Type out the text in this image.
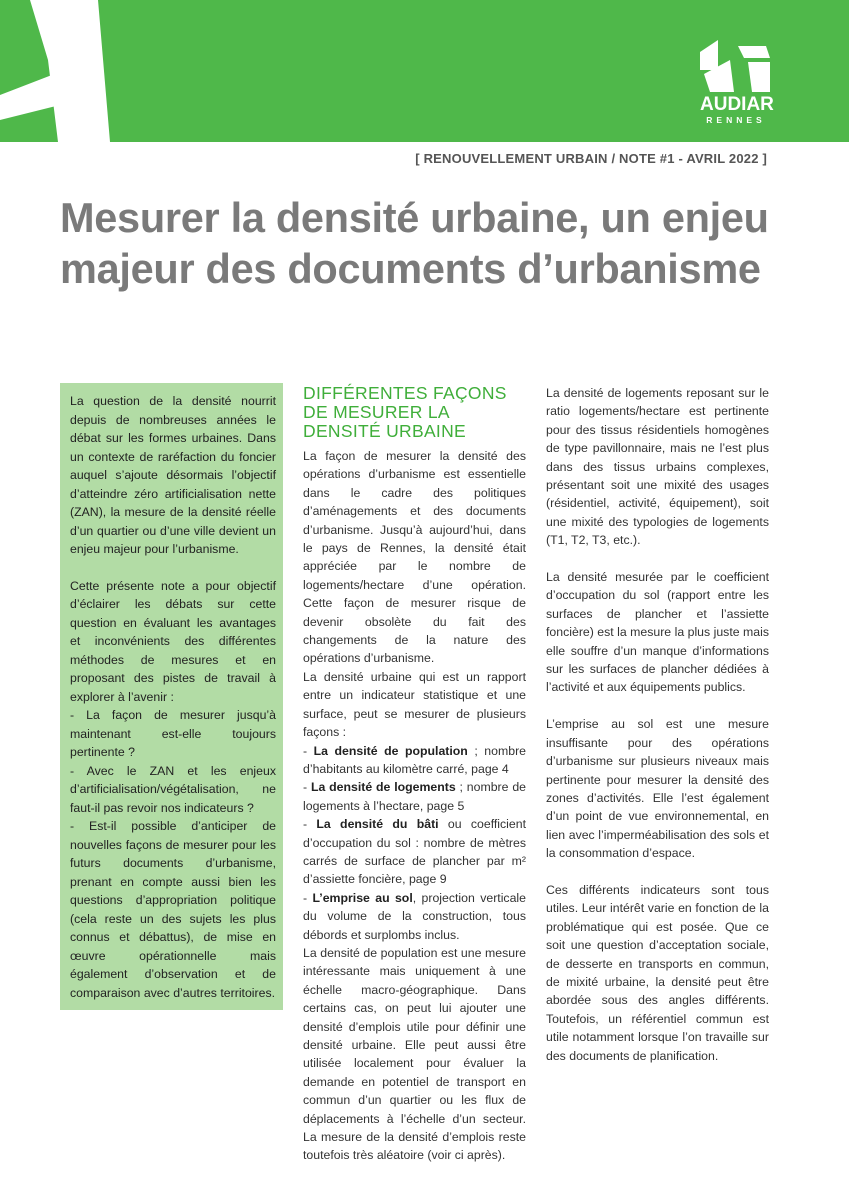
AUDIAR
RENNES
[ RENOUVELLEMENT URBAIN / NOTE #1 - AVRIL 2022 ]
Mesurer la densité urbaine, un enjeu majeur des documents d’urbanisme

La question de la densité nourrit depuis de nombreuses années le débat sur les formes urbaines. Dans un contexte de raréfaction du foncier auquel s’ajoute désormais l’objectif d’atteindre zéro artificialisation nette (ZAN), la mesure de la densité réelle d’un quartier ou d’une ville devient un enjeu majeur pour l’urbanisme.

Cette présente note a pour objectif d’éclairer les débats sur cette question en évaluant les avantages et inconvénients des différentes méthodes de mesures et en proposant des pistes de travail à explorer à l’avenir :

- La façon de mesurer jusqu’à maintenant est-elle toujours pertinente ?

- Avec le ZAN et les enjeux d’artificialisation/végétalisation, ne faut-il pas revoir nos indicateurs ?

- Est-il possible d’anticiper de nouvelles façons de mesurer pour les futurs documents d’urbanisme, prenant en compte aussi bien les questions d’appropriation politique (cela reste un des sujets les plus connus et débattus), de mise en œuvre opérationnelle mais également d’observation et de comparaison avec d’autres territoires.

DIFFÉRENTES FAÇONS DE MESURER LA DENSITÉ URBAINE

La façon de mesurer la densité des opérations d’urbanisme est essentielle dans le cadre des politiques d’aménagements et des documents d’urbanisme. Jusqu’à aujourd’hui, dans le pays de Rennes, la densité était appréciée par le nombre de logements/hectare d’une opération. Cette façon de mesurer risque de devenir obsolète du fait des changements de la nature des opérations d’urbanisme.

La densité urbaine qui est un rapport entre un indicateur statistique et une surface, peut se mesurer de plusieurs façons :

- La densité de population ; nombre d’habitants au kilomètre carré, page 4

- La densité de logements ; nombre de logements à l’hectare, page 5

- La densité du bâti ou coefficient d’occupation du sol : nombre de mètres carrés de surface de plancher par m² d’assiette foncière, page 9

- L’emprise au sol, projection verticale du volume de la construction, tous débords et surplombs inclus.

La densité de population est une mesure intéressante mais uniquement à une échelle macro-géographique. Dans certains cas, on peut lui ajouter une densité d’emplois utile pour définir une densité urbaine. Elle peut aussi être utilisée localement pour évaluer la demande en potentiel de transport en commun d’un quartier ou les flux de déplacements à l’échelle d’un secteur. La mesure de la densité d’emplois reste toutefois très aléatoire (voir ci après).

La densité de logements reposant sur le ratio logements/hectare est pertinente pour des tissus résidentiels homogènes de type pavillonnaire, mais ne l’est plus dans des tissus urbains complexes, présentant soit une mixité des usages (résidentiel, activité, équipement), soit une mixité des typologies de logements (T1, T2, T3, etc.).

La densité mesurée par le coefficient d’occupation du sol (rapport entre les surfaces de plancher et l’assiette foncière) est la mesure la plus juste mais elle souffre d’un manque d’informations sur les surfaces de plancher dédiées à l’activité et aux équipements publics.

L’emprise au sol est une mesure insuffisante pour des opérations d’urbanisme sur plusieurs niveaux mais pertinente pour mesurer la densité des zones d’activités. Elle l’est également d’un point de vue environnemental, en lien avec l’imperméabilisation des sols et la consommation d’espace.

Ces différents indicateurs sont tous utiles. Leur intérêt varie en fonction de la problématique qui est posée. Que ce soit une question d’acceptation sociale, de desserte en transports en commun, de mixité urbaine, la densité peut être abordée sous des angles différents. Toutefois, un référentiel commun est utile notamment lorsque l’on travaille sur des documents de planification.
